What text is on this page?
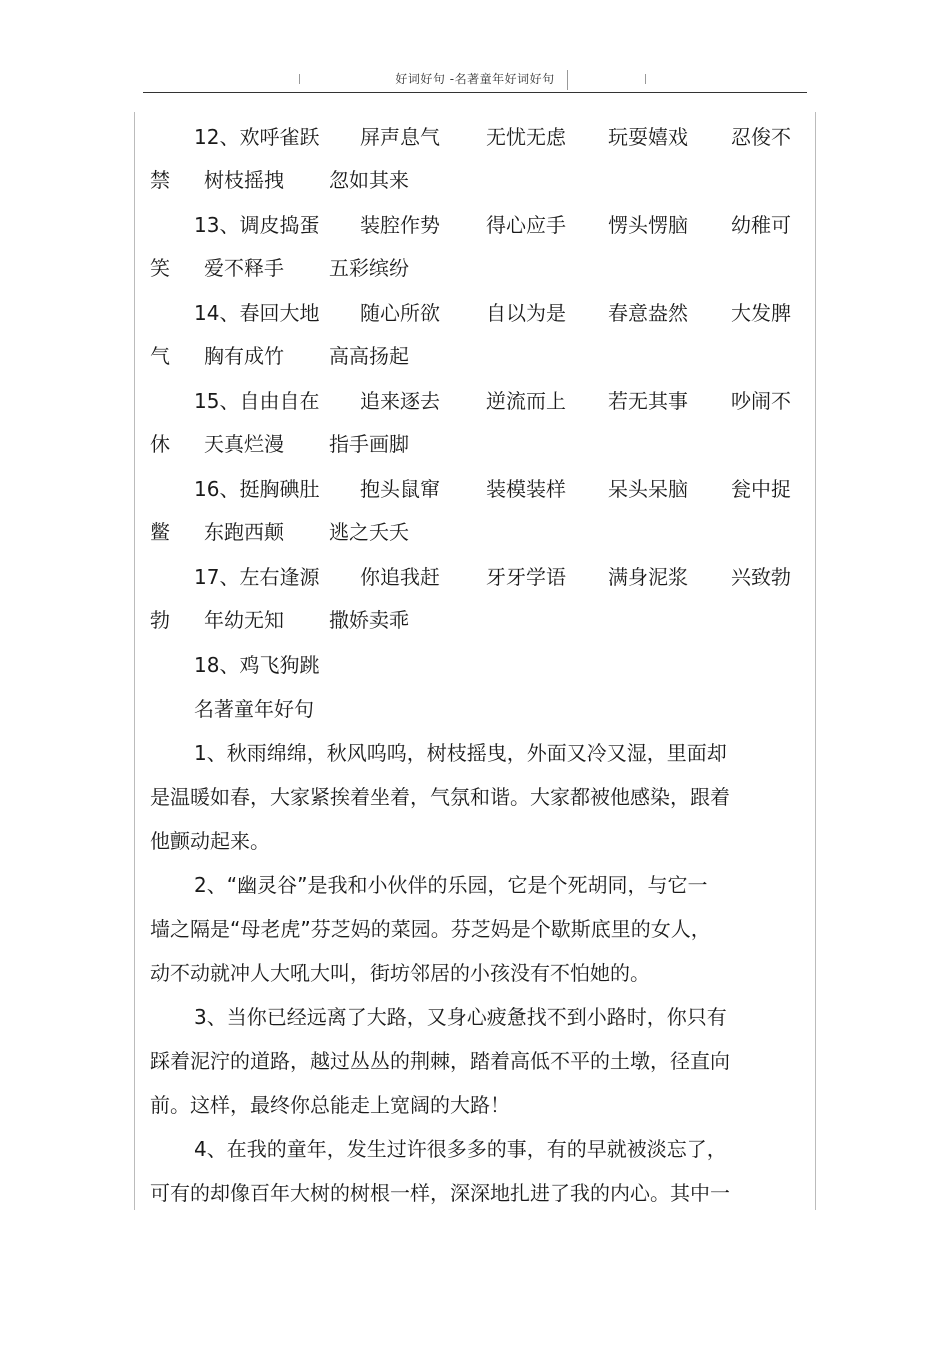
好词好句 -名著童年好词好句
12、欢呼雀跃 屏声息气 无忧无虑 玩耍嬉戏 忍俊不
禁 树枝摇拽 忽如其来
13、调皮捣蛋 装腔作势 得心应手 愣头愣脑 幼稚可
笑 爱不释手 五彩缤纷
14、春回大地 随心所欲 自以为是 春意盎然 大发脾
气 胸有成竹 高高扬起
15、自由自在 追来逐去 逆流而上 若无其事 吵闹不
休 天真烂漫 指手画脚
16、挺胸碘肚 抱头鼠窜 装模装样 呆头呆脑 瓮中捉
鳖 东跑西颠 逃之夭夭
17、左右逢源 你追我赶 牙牙学语 满身泥浆 兴致勃
勃 年幼无知 撒娇卖乖
18、鸡飞狗跳
名著童年好句
1、秋雨绵绵，秋风呜呜，树枝摇曳，外面又冷又湿，里面却
是温暖如春，大家紧挨着坐着，气氛和谐。大家都被他感染，跟着
他颤动起来。
2、“幽灵谷”是我和小伙伴的乐园，它是个死胡同，与它一
墙之隔是“母老虎”芬芝妈的菜园。芬芝妈是个歇斯底里的女人，
动不动就冲人大吼大叫，街坊邻居的小孩没有不怕她的。
3、当你已经远离了大路，又身心疲惫找不到小路时，你只有
踩着泥泞的道路，越过丛丛的荆棘，踏着高低不平的土墩，径直向
前。这样，最终你总能走上宽阔的大路！
4、在我的童年，发生过许很多多的事，有的早就被淡忘了，
可有的却像百年大树的树根一样，深深地扎进了我的内心。其中一
